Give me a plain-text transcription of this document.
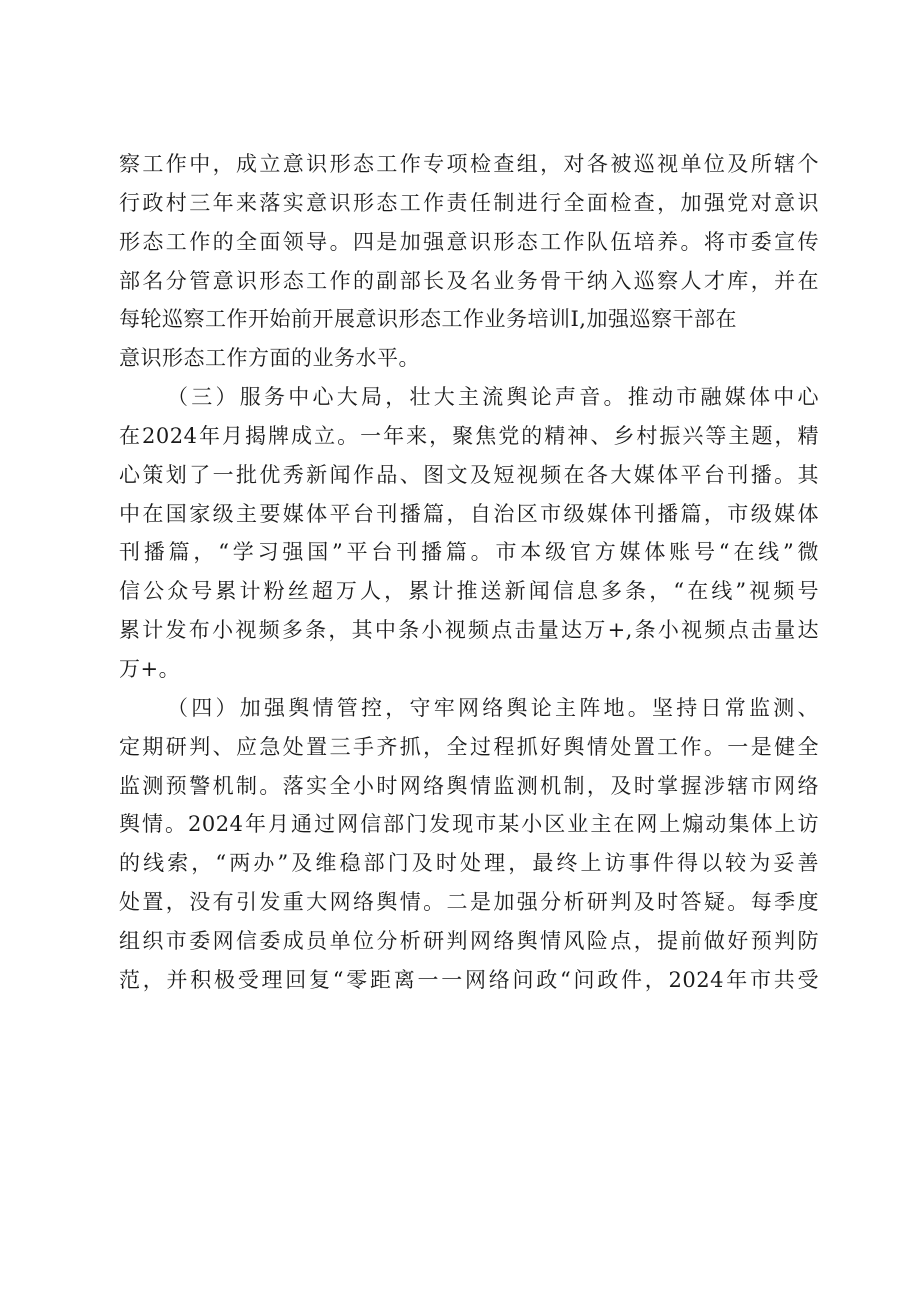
察工作中，成立意识形态工作专项检查组，对各被巡视单位及所辖个
行政村三年来落实意识形态工作责任制进行全面检查，加强党对意识
形态工作的全面领导。四是加强意识形态工作队伍培养。将市委宣传
部名分管意识形态工作的副部长及名业务骨干纳入巡察人才库，并在
每轮巡察工作开始前开展意识形态工作业务培训I,加强巡察干部在
意识形态工作方面的业务水平。
（三）服务中心大局，壮大主流舆论声音。推动市融媒体中心
在2024年月揭牌成立。一年来，聚焦党的精神、乡村振兴等主题，精
心策划了一批优秀新闻作品、图文及短视频在各大媒体平台刊播。其
中在国家级主要媒体平台刊播篇，自治区市级媒体刊播篇，市级媒体
刊播篇，“学习强国”平台刊播篇。市本级官方媒体账号“在线”微
信公众号累计粉丝超万人，累计推送新闻信息多条，“在线”视频号
累计发布小视频多条，其中条小视频点击量达万+,条小视频点击量达
万+。
（四）加强舆情管控，守牢网络舆论主阵地。坚持日常监测、
定期研判、应急处置三手齐抓，全过程抓好舆情处置工作。一是健全
监测预警机制。落实全小时网络舆情监测机制，及时掌握涉辖市网络
舆情。2024年月通过网信部门发现市某小区业主在网上煽动集体上访
的线索，“两办”及维稳部门及时处理，最终上访事件得以较为妥善
处置，没有引发重大网络舆情。二是加强分析研判及时答疑。每季度
组织市委网信委成员单位分析研判网络舆情风险点，提前做好预判防
范，并积极受理回复“零距离一一网络问政“问政件，2024年市共受
